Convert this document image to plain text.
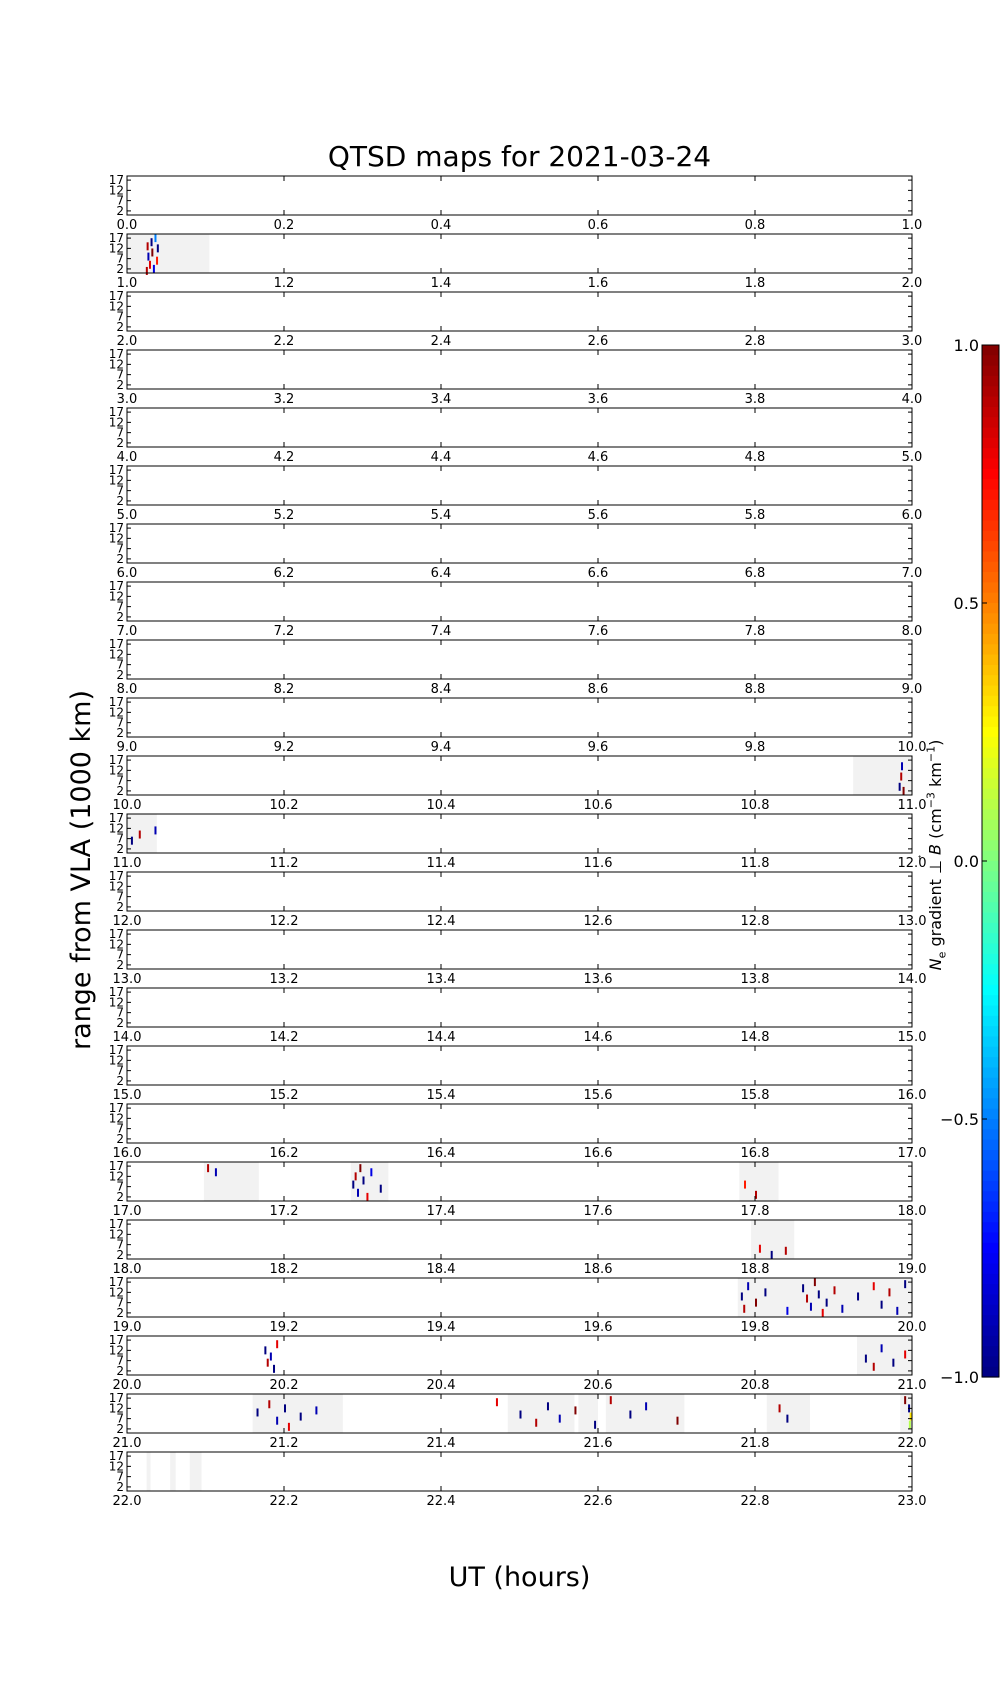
QTSD maps for 2021-03-24
17
12
7
2
0.0	0.2	0.4	0.6	0.8	1.0
17
12
7
2
1.0	1.2	1.4	1.6	1.8	2.0
17
12
7
2
2.0	2.2	2.4	2.6	2.8	3.0
17
12
7
2
3.0	3.2	3.4	3.6	3.8	4.0
17
12
7
2
4.0	4.2	4.4	4.6	4.8	5.0
17
12
7
2
5.0	5.2	5.4	5.6	5.8	6.0
17
12
7
2
6.0	6.2	6.4	6.6	6.8	7.0
17
12
7
2
7.0	7.2	7.4	7.6	7.8	8.0
17
12
7
2
8.0	8.2	8.4	8.6	8.8	9.0
17
12
7
2
9.0	9.2	9.4	9.6	9.8	10.0
17
12
7
2
10.0	10.2	10.4	10.6	10.8	11.0
17
12
7
2
11.0	11.2	11.4	11.6	11.8	12.0
17
12
7
2
12.0	12.2	12.4	12.6	12.8	13.0
17
12
7
2
13.0	13.2	13.4	13.6	13.8	14.0
17
12
7
2
14.0	14.2	14.4	14.6	14.8	15.0
17
12
7
2
15.0	15.2	15.4	15.6	15.8	16.0
17
12
7
2
16.0	16.2	16.4	16.6	16.8	17.0
17
12
7
2
17.0	17.2	17.4	17.6	17.8	18.0
17
12
7
2
18.0	18.2	18.4	18.6	18.8	19.0
17
12
7
2
19.0	19.2	19.4	19.6	19.8	20.0
17
12
7
2
20.0	20.2	20.4	20.6	20.8	21.0
17
12
7
2
21.0	21.2	21.4	21.6	21.8	22.0
17
12
7
2
22.0	22.2	22.4	22.6	22.8	23.0
1.0
0.5
0.0
−0.5
−1.0
range from VLA (1000 km)
UT (hours)
$N_e$ gradient ⊥ B
($cm^{-3}$ $km^{-1}$)
